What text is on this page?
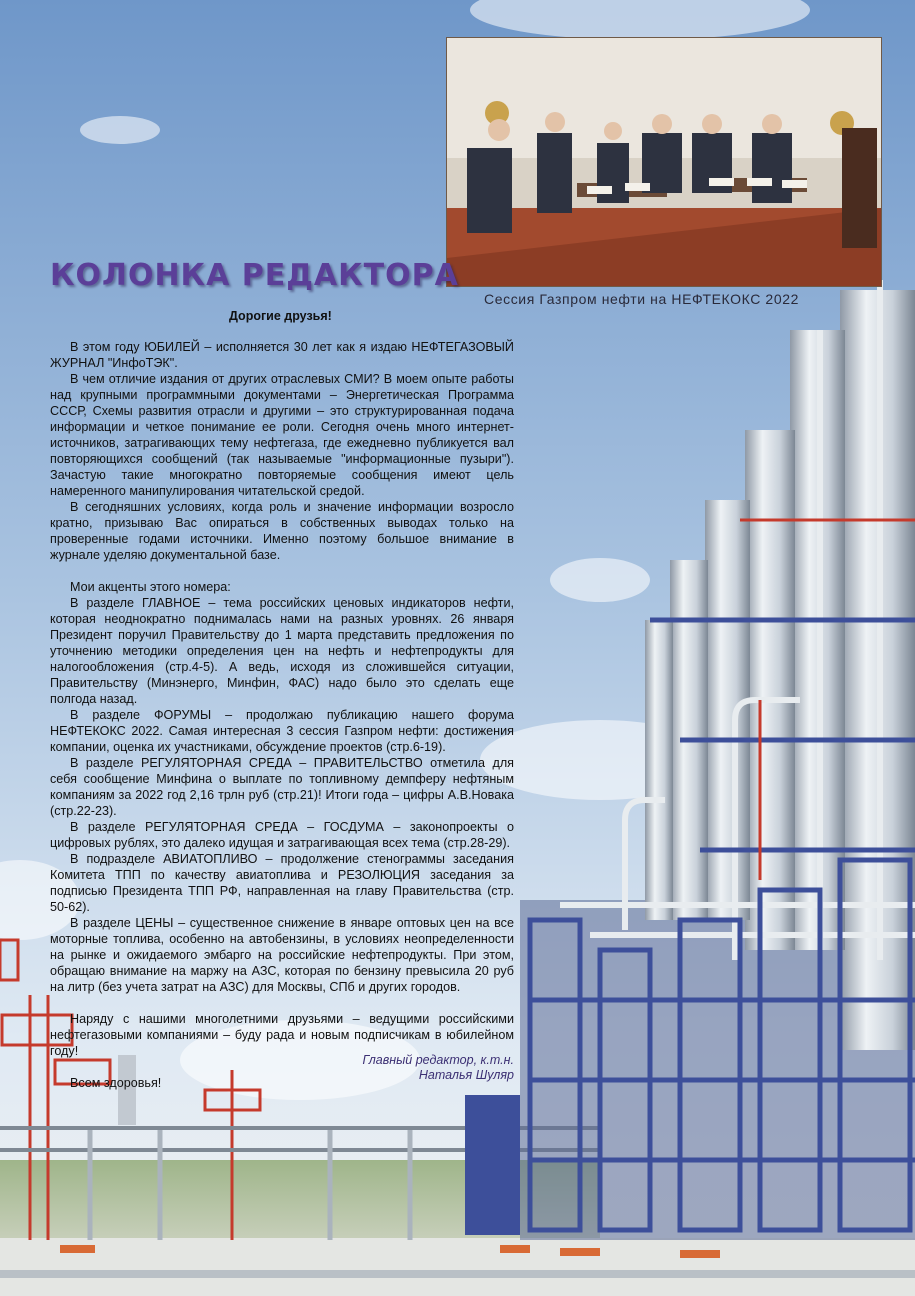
Сессия Газпром нефти на НЕФТЕКОКС 2022
КОЛОНКА РЕДАКТОРА
Дорогие друзья!

В этом году ЮБИЛЕЙ – исполняется 30 лет как я издаю НЕФТЕГАЗОВЫЙ ЖУРНАЛ "ИнфоТЭК".

В чем отличие издания от других отраслевых СМИ? В моем опыте работы над крупными программными документами – Энергетическая Программа СССР, Схемы развития отрасли и другими – это структурированная подача информации и четкое понимание ее роли. Сегодня очень много интернет-источников, затрагивающих тему нефтегаза, где ежедневно публикуется вал повторяющихся сообщений (так называемые "информационные пузыри"). Зачастую такие многократно повторяемые сообщения имеют цель намеренного манипулирования читательской средой.

В сегодняшних условиях, когда роль и значение информации возросло кратно, призываю Вас опираться в собственных выводах только на проверенные годами источники. Именно поэтому большое внимание в журнале уделяю документальной базе.

Мои акценты этого номера:

В разделе ГЛАВНОЕ – тема российских ценовых индикаторов нефти, которая неоднократно поднималась нами на разных уровнях. 26 января Президент поручил Правительству до 1 марта представить предложения по уточнению методики определения цен на нефть и нефтепродукты для налогообложения (стр.4-5). А ведь, исходя из сложившейся ситуации, Правительству (Минэнерго, Минфин, ФАС) надо было это сделать еще полгода назад.

В разделе ФОРУМЫ – продолжаю публикацию нашего форума НЕФТЕКОКС 2022. Самая интересная 3 сессия Газпром нефти: достижения компании, оценка их участниками, обсуждение проектов (стр.6-19).

В разделе РЕГУЛЯТОРНАЯ СРЕДА – ПРАВИТЕЛЬСТВО отметила для себя сообщение Минфина о выплате по топливному демпферу нефтяным компаниям за 2022 год 2,16 трлн руб (стр.21)! Итоги года – цифры А.В.Новака (стр.22-23).

В разделе РЕГУЛЯТОРНАЯ СРЕДА – ГОСДУМА – законопроекты о цифровых рублях, это далеко идущая и затрагивающая всех тема (стр.28-29).

В подразделе АВИАТОПЛИВО – продолжение стенограммы заседания Комитета ТПП по качеству авиатоплива и РЕЗОЛЮЦИЯ заседания за подписью Президента ТПП РФ, направленная на главу Правительства (стр. 50-62).

В разделе ЦЕНЫ – существенное снижение в январе оптовых цен на все моторные топлива, особенно на автобензины, в условиях неопределенности на рынке и ожидаемого эмбарго на российские нефтепродукты. При этом, обращаю внимание на маржу на АЗС, которая по бензину превысила 20 руб на литр (без учета затрат на АЗС) для Москвы, СПб и других городов.

Наряду с нашими многолетними друзьями – ведущими российскими нефтегазовыми компаниями – буду рада и новым подписчикам в юбилейном году!

Всем здоровья!

Главный редактор, к.т.н.
Наталья Шуляр
